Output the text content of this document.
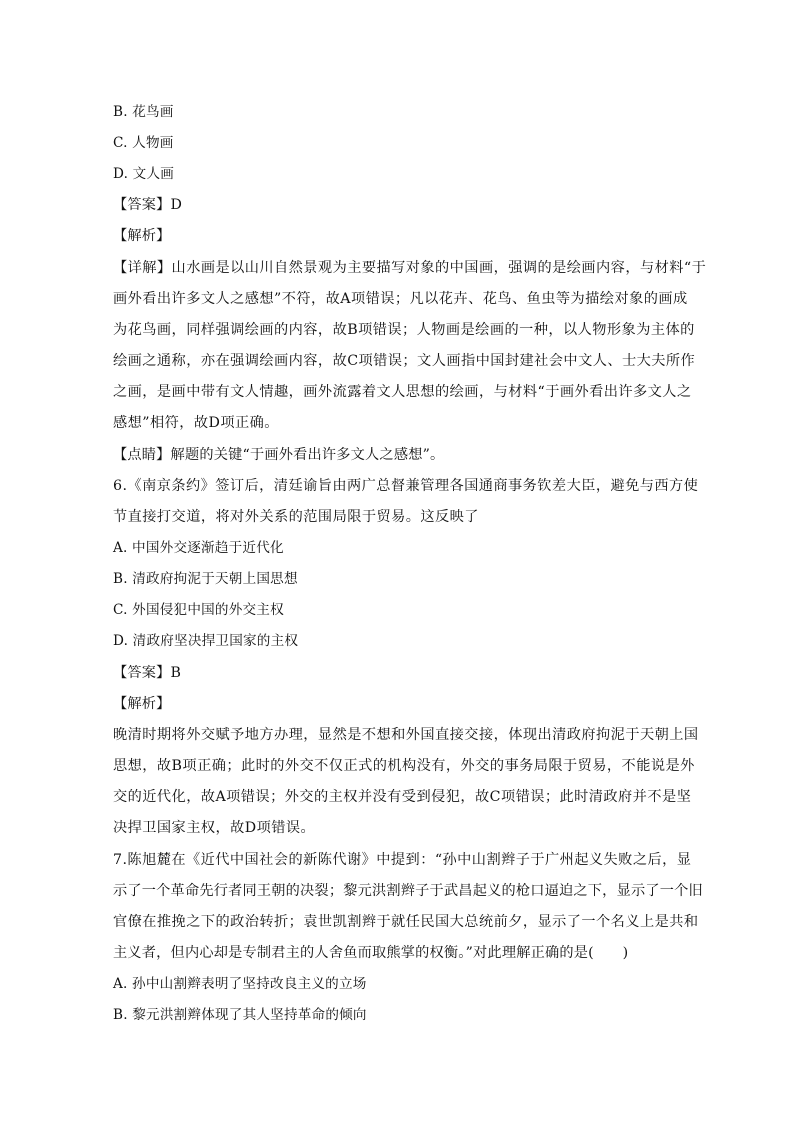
B. 花鸟画
C. 人物画
D. 文人画
【答案】D
【解析】
【详解】山水画是以山川自然景观为主要描写对象的中国画，强调的是绘画内容，与材料“于
画外看出许多文人之感想”不符，故A项错误；凡以花卉、花鸟、鱼虫等为描绘对象的画成
为花鸟画，同样强调绘画的内容，故B项错误；人物画是绘画的一种，以人物形象为主体的
绘画之通称，亦在强调绘画内容，故C项错误；文人画指中国封建社会中文人、士大夫所作
之画，是画中带有文人情趣，画外流露着文人思想的绘画，与材料“于画外看出许多文人之
感想”相符，故D项正确。
【点睛】解题的关键“于画外看出许多文人之感想”。
6.《南京条约》签订后，清廷谕旨由两广总督兼管理各国通商事务钦差大臣，避免与西方使
节直接打交道，将对外关系的范围局限于贸易。这反映了
A. 中国外交逐渐趋于近代化
B. 清政府拘泥于天朝上国思想
C. 外国侵犯中国的外交主权
D. 清政府坚决捍卫国家的主权
【答案】B
【解析】
晚清时期将外交赋予地方办理，显然是不想和外国直接交接，体现出清政府拘泥于天朝上国
思想，故B项正确；此时的外交不仅正式的机构没有，外交的事务局限于贸易，不能说是外
交的近代化，故A项错误；外交的主权并没有受到侵犯，故C项错误；此时清政府并不是坚
决捍卫国家主权，故D项错误。
7.陈旭麓在《近代中国社会的新陈代谢》中提到：“孙中山割辫子于广州起义失败之后，显
示了一个革命先行者同王朝的决裂；黎元洪割辫子于武昌起义的枪口逼迫之下，显示了一个旧
官僚在推挽之下的政治转折；袁世凯割辫于就任民国大总统前夕，显示了一个名义上是共和
主义者，但内心却是专制君主的人舍鱼而取熊掌的权衡。”对此理解正确的是(　　)
A. 孙中山割辫表明了坚持改良主义的立场
B. 黎元洪割辫体现了其人坚持革命的倾向
